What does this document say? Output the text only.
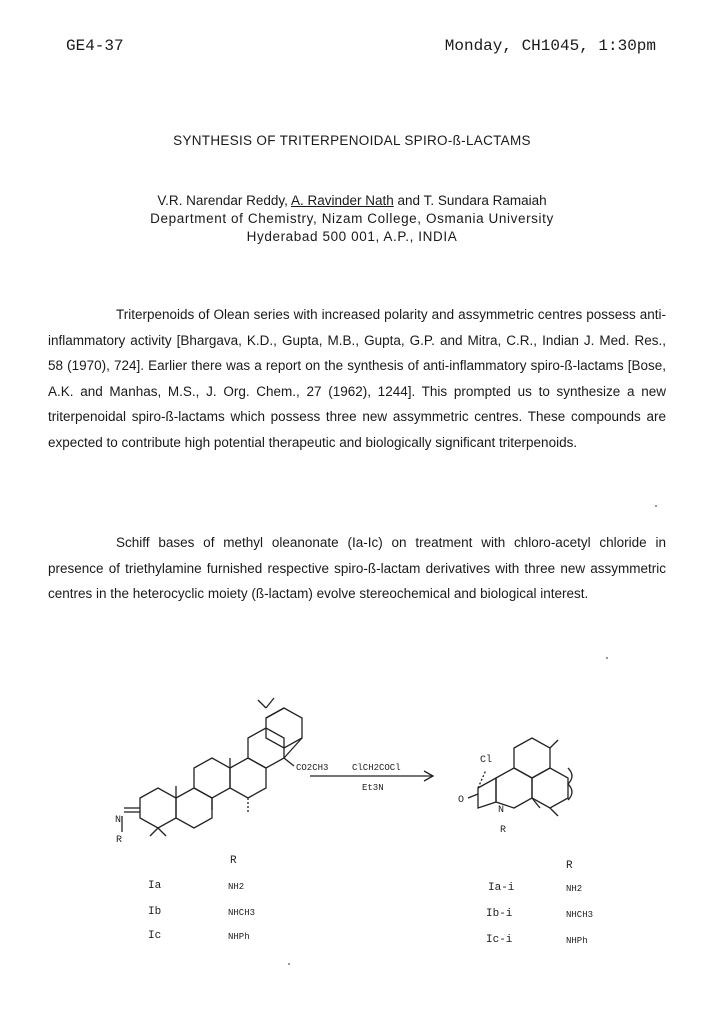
GE4-37	Monday, CH1045, 1:30pm
SYNTHESIS OF TRITERPENOIDAL SPIRO-ß-LACTAMS
V.R. Narendar Reddy, A. Ravinder Nath and T. Sundara Ramaiah
Department of Chemistry, Nizam College, Osmania University
Hyderabad 500 001, A.P., INDIA

Triterpenoids of Olean series with increased polarity and assymmetric centres possess anti-inflammatory activity [Bhargava, K.D., Gupta, M.B., Gupta, G.P. and Mitra, C.R., Indian J. Med. Res., 58 (1970), 724]. Earlier there was a report on the synthesis of anti-inflammatory spiro-ß-lactams [Bose, A.K. and Manhas, M.S., J. Org. Chem., 27 (1962), 1244]. This prompted us to synthesize a new triterpenoidal spiro-ß-lactams which possess three new assymmetric centres. These compounds are expected to contribute high potential therapeutic and biologically significant triterpenoids.

Schiff bases of methyl oleanonate (Ia-Ic) on treatment with chloro-acetyl chloride in presence of triethylamine furnished respective spiro-ß-lactam derivatives with three new assymmetric centres in the heterocyclic moiety (ß-lactam) evolve stereochemical and biological interest.

CO2CH3
N
R
ClCH2COCl
Et3N
Cl
O
N
R
R
Ia	NH2
Ib	NHCH3
Ic	NHPh
R
Ia-i	NH2
Ib-i	NHCH3
Ic-i	NHPh
